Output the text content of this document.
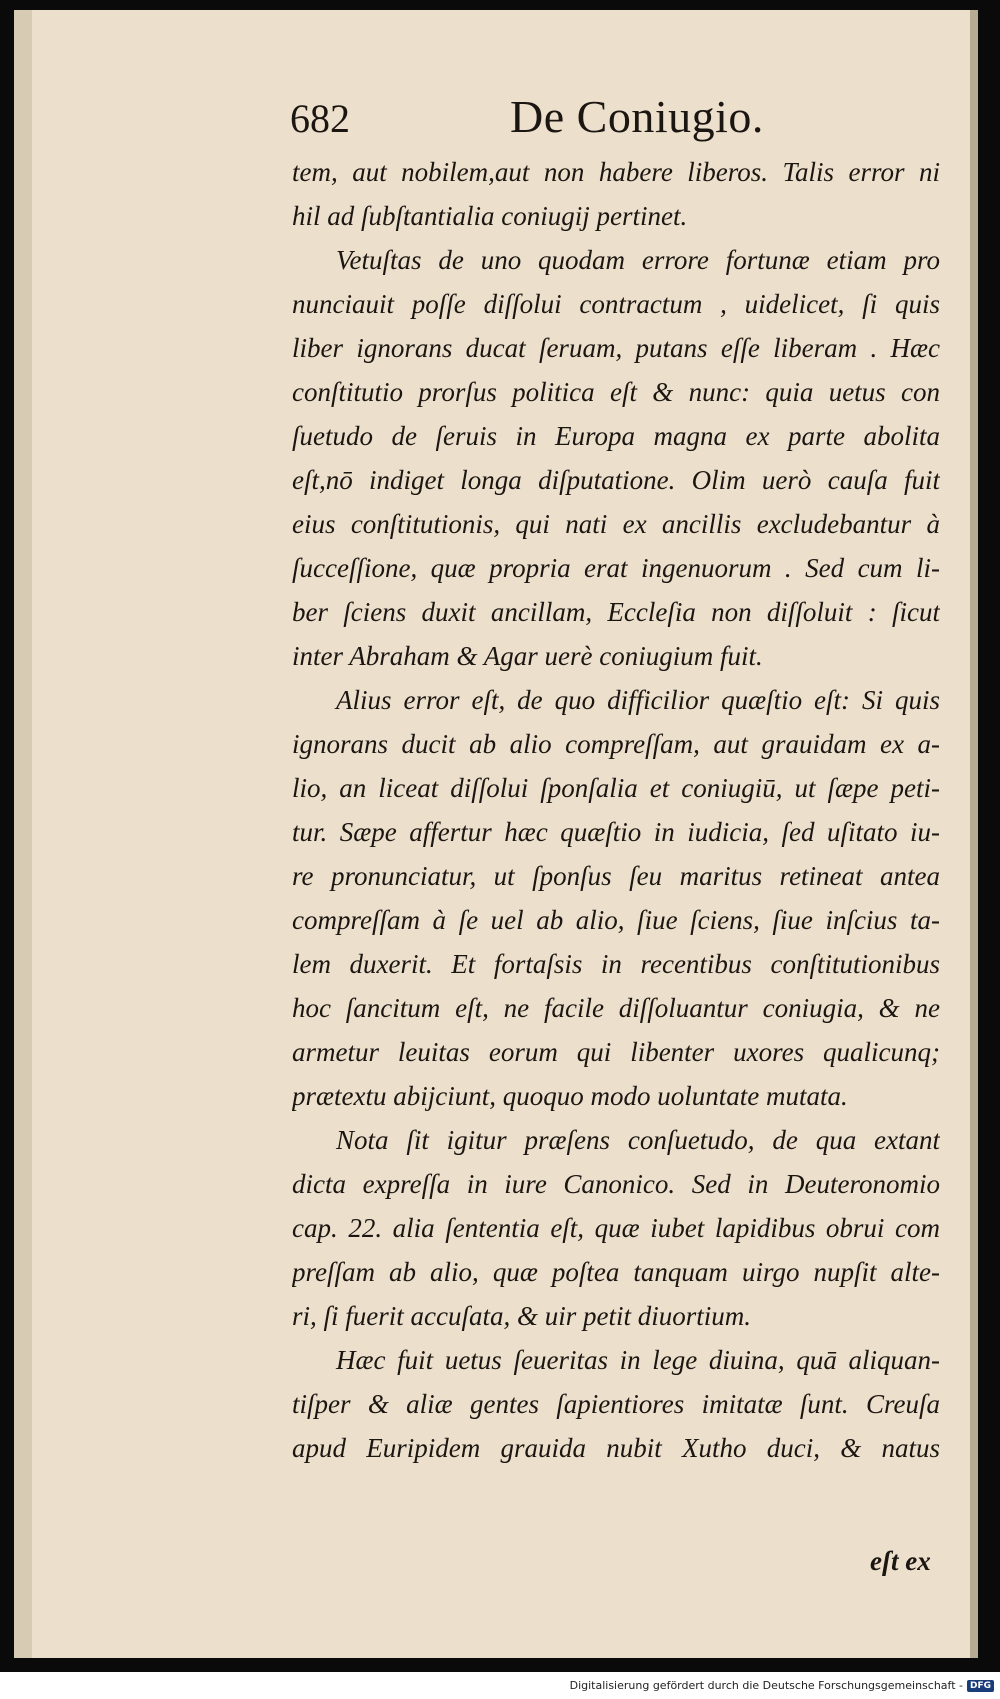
682	De Coniugio.
tem, aut nobilem,aut non habere liberos. Talis error ni
hil ad ſubſtantialia coniugij pertinet.
Vetuſtas de uno quodam errore fortunæ etiam pro
nunciauit poſſe diſſolui contractum , uidelicet, ſi quis
liber ignorans ducat ſeruam, putans eſſe liberam . Hæc
conſtitutio prorſus politica eſt & nunc: quia uetus con
ſuetudo de ſeruis in Europa magna ex parte abolita
eſt,nō indiget longa diſputatione. Olim uerò cauſa fuit
eius conſtitutionis, qui nati ex ancillis excludebantur à
ſucceſſione, quæ propria erat ingenuorum . Sed cum li-
ber ſciens duxit ancillam, Eccleſia non diſſoluit : ſicut
inter Abraham & Agar uerè coniugium fuit.
Alius error eſt, de quo difficilior quæſtio eſt: Si quis
ignorans ducit ab alio compreſſam, aut grauidam ex a-
lio, an liceat diſſolui ſponſalia et coniugiū, ut ſæpe peti-
tur. Sæpe affertur hæc quæſtio in iudicia, ſed uſitato iu-
re pronunciatur, ut ſponſus ſeu maritus retineat antea
compreſſam à ſe uel ab alio, ſiue ſciens, ſiue inſcius ta-
lem duxerit. Et fortaſsis in recentibus conſtitutionibus
hoc ſancitum eſt, ne facile diſſoluantur coniugia, & ne
armetur leuitas eorum qui libenter uxores qualicunq;
prætextu abijciunt, quoquo modo uoluntate mutata.
Nota ſit igitur præſens conſuetudo, de qua extant
dicta expreſſa in iure Canonico. Sed in Deuteronomio
cap. 22. alia ſententia eſt, quæ iubet lapidibus obrui com
preſſam ab alio, quæ poſtea tanquam uirgo nupſit alte-
ri, ſi fuerit accuſata, & uir petit diuortium.
Hæc fuit uetus ſeueritas in lege diuina, quā aliquan-
tiſper & aliæ gentes ſapientiores imitatæ ſunt. Creuſa
apud Euripidem grauida nubit Xutho duci, & natus
eſt ex
Digitalisierung gefördert durch die Deutsche Forschungsgemeinschaft - DFG
